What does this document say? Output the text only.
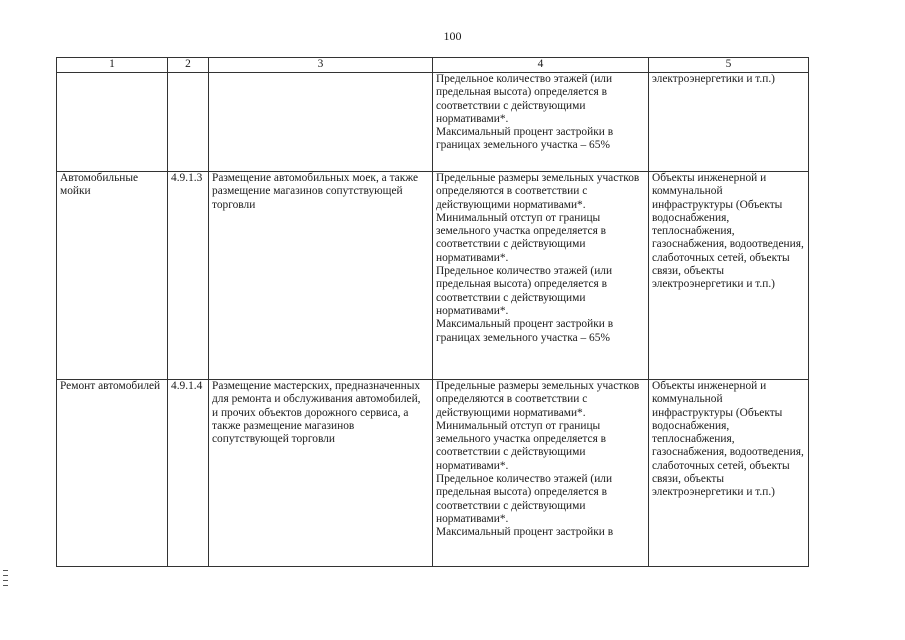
100
1	2	3	4	5
			Предельное количество этажей (или предельная высота) определяется в соответствии с действующими нормативами*.
Максимальный процент застройки в границах земельного участка – 65%	электроэнергетики и т.п.)
Автомобильные мойки	4.9.1.3	Размещение автомобильных моек, а также размещение магазинов сопутствующей торговли	Предельные размеры земельных участков определяются в соответствии с действующими нормативами*.
Минимальный отступ от границы земельного участка определяется в соответствии с действующими нормативами*.
Предельное количество этажей (или предельная высота) определяется в соответствии с действующими нормативами*.
Максимальный процент застройки в границах земельного участка – 65%	Объекты инженерной и коммунальной инфраструктуры (Объекты водоснабжения, теплоснабжения, газоснабжения, водоотведения, слаботочных сетей, объекты связи, объекты электроэнергетики и т.п.)
Ремонт автомобилей	4.9.1.4	Размещение мастерских, предназначенных для ремонта и обслуживания автомобилей, и прочих объектов дорожного сервиса, а также размещение магазинов сопутствующей торговли	Предельные размеры земельных участков определяются в соответствии с действующими нормативами*.
Минимальный отступ от границы земельного участка определяется в соответствии с действующими нормативами*.
Предельное количество этажей (или предельная высота) определяется в соответствии с действующими нормативами*.
Максимальный процент застройки в	Объекты инженерной и коммунальной инфраструктуры (Объекты водоснабжения, теплоснабжения, газоснабжения, водоотведения, слаботочных сетей, объекты связи, объекты электроэнергетики и т.п.)
